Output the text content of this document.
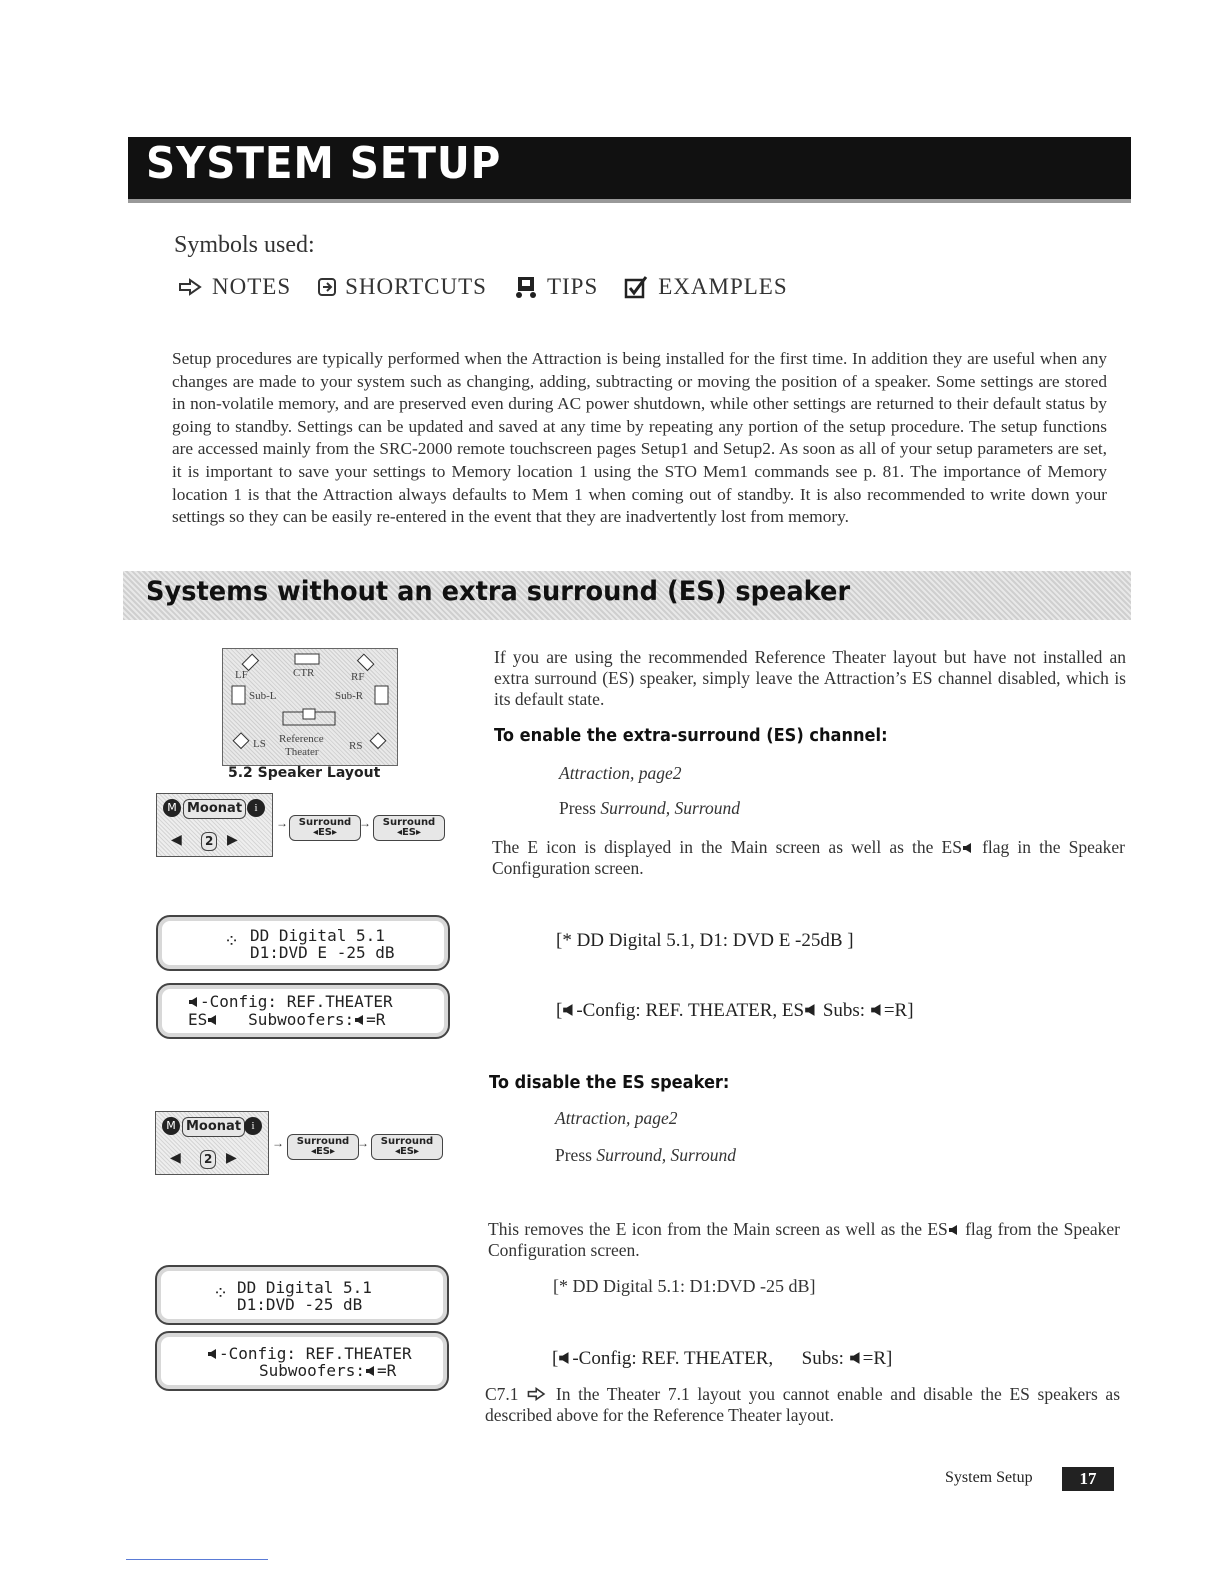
SYSTEM SETUP
Symbols used:
NOTES SHORTCUTS	TIPS	EXAMPLES
Setup procedures are typically performed when the Attraction is being installed for the first time. In addition they are useful when any changes are made to your system such as changing, adding, subtracting or moving the position of a speaker. Some settings are stored in non-volatile memory, and are preserved even during AC power shutdown, while other settings are returned to their default status by going to standby. Settings can be updated and saved at any time by repeating any portion of the setup procedure. The setup functions are accessed mainly from the SRC-2000 remote touchscreen pages Setup1 and Setup2. As soon as all of your setup parameters are set, it is important to save your settings to Memory location 1 using the STO Mem1 commands see p. 81. The importance of Memory location 1 is that the Attraction always defaults to Mem 1 when coming out of standby. It is also recommended to write down your settings so they can be easily re-entered in the event that they are inadvertently lost from memory.
Systems without an extra surround (ES) speaker
LF	CTR	RF
Sub-L	Sub-R
LS Reference
Theater	RS
5.2 Speaker Layout
M Moonat	i
◀	2 ▶
→	Surround
◂ES▸
→	Surround
◂ES▸
If you are using the recommended Reference Theater layout but have not installed an extra surround (ES) speaker, simply leave the Attraction’s ES channel disabled, which is its default state.
To enable the extra-surround (ES) channel:
Attraction, page2
Press Surround, Surround
The E icon is displayed in the Main screen as well as the ES flag in the Speaker Configuration screen.
⁘ DD Digital 5.1
D1:DVD E -25 dB
-Config: REF.THEATER
ES	Subwoofers: =R
[* DD Digital 5.1, D1: DVD E -25dB ]
[ -Config: REF. THEATER, ES Subs: =R]
To disable the ES speaker:
Attraction, page2
Press Surround, Surround
M Moonat i
◀	2 ▶
→	Surround
◂ES▸
→	Surround
◂ES▸
This removes the E icon from the Main screen as well as the ES flag from the Speaker Configuration screen.
⁘ DD Digital 5.1
D1:DVD -25 dB
-Config: REF.THEATER
Subwoofers: =R
[* DD Digital 5.1: D1:DVD -25 dB]
[ -Config: REF. THEATER, Subs: =R]
C7.1 In the Theater 7.1 layout you cannot enable and disable the ES speakers as described above for the Reference Theater layout.
System Setup	17
